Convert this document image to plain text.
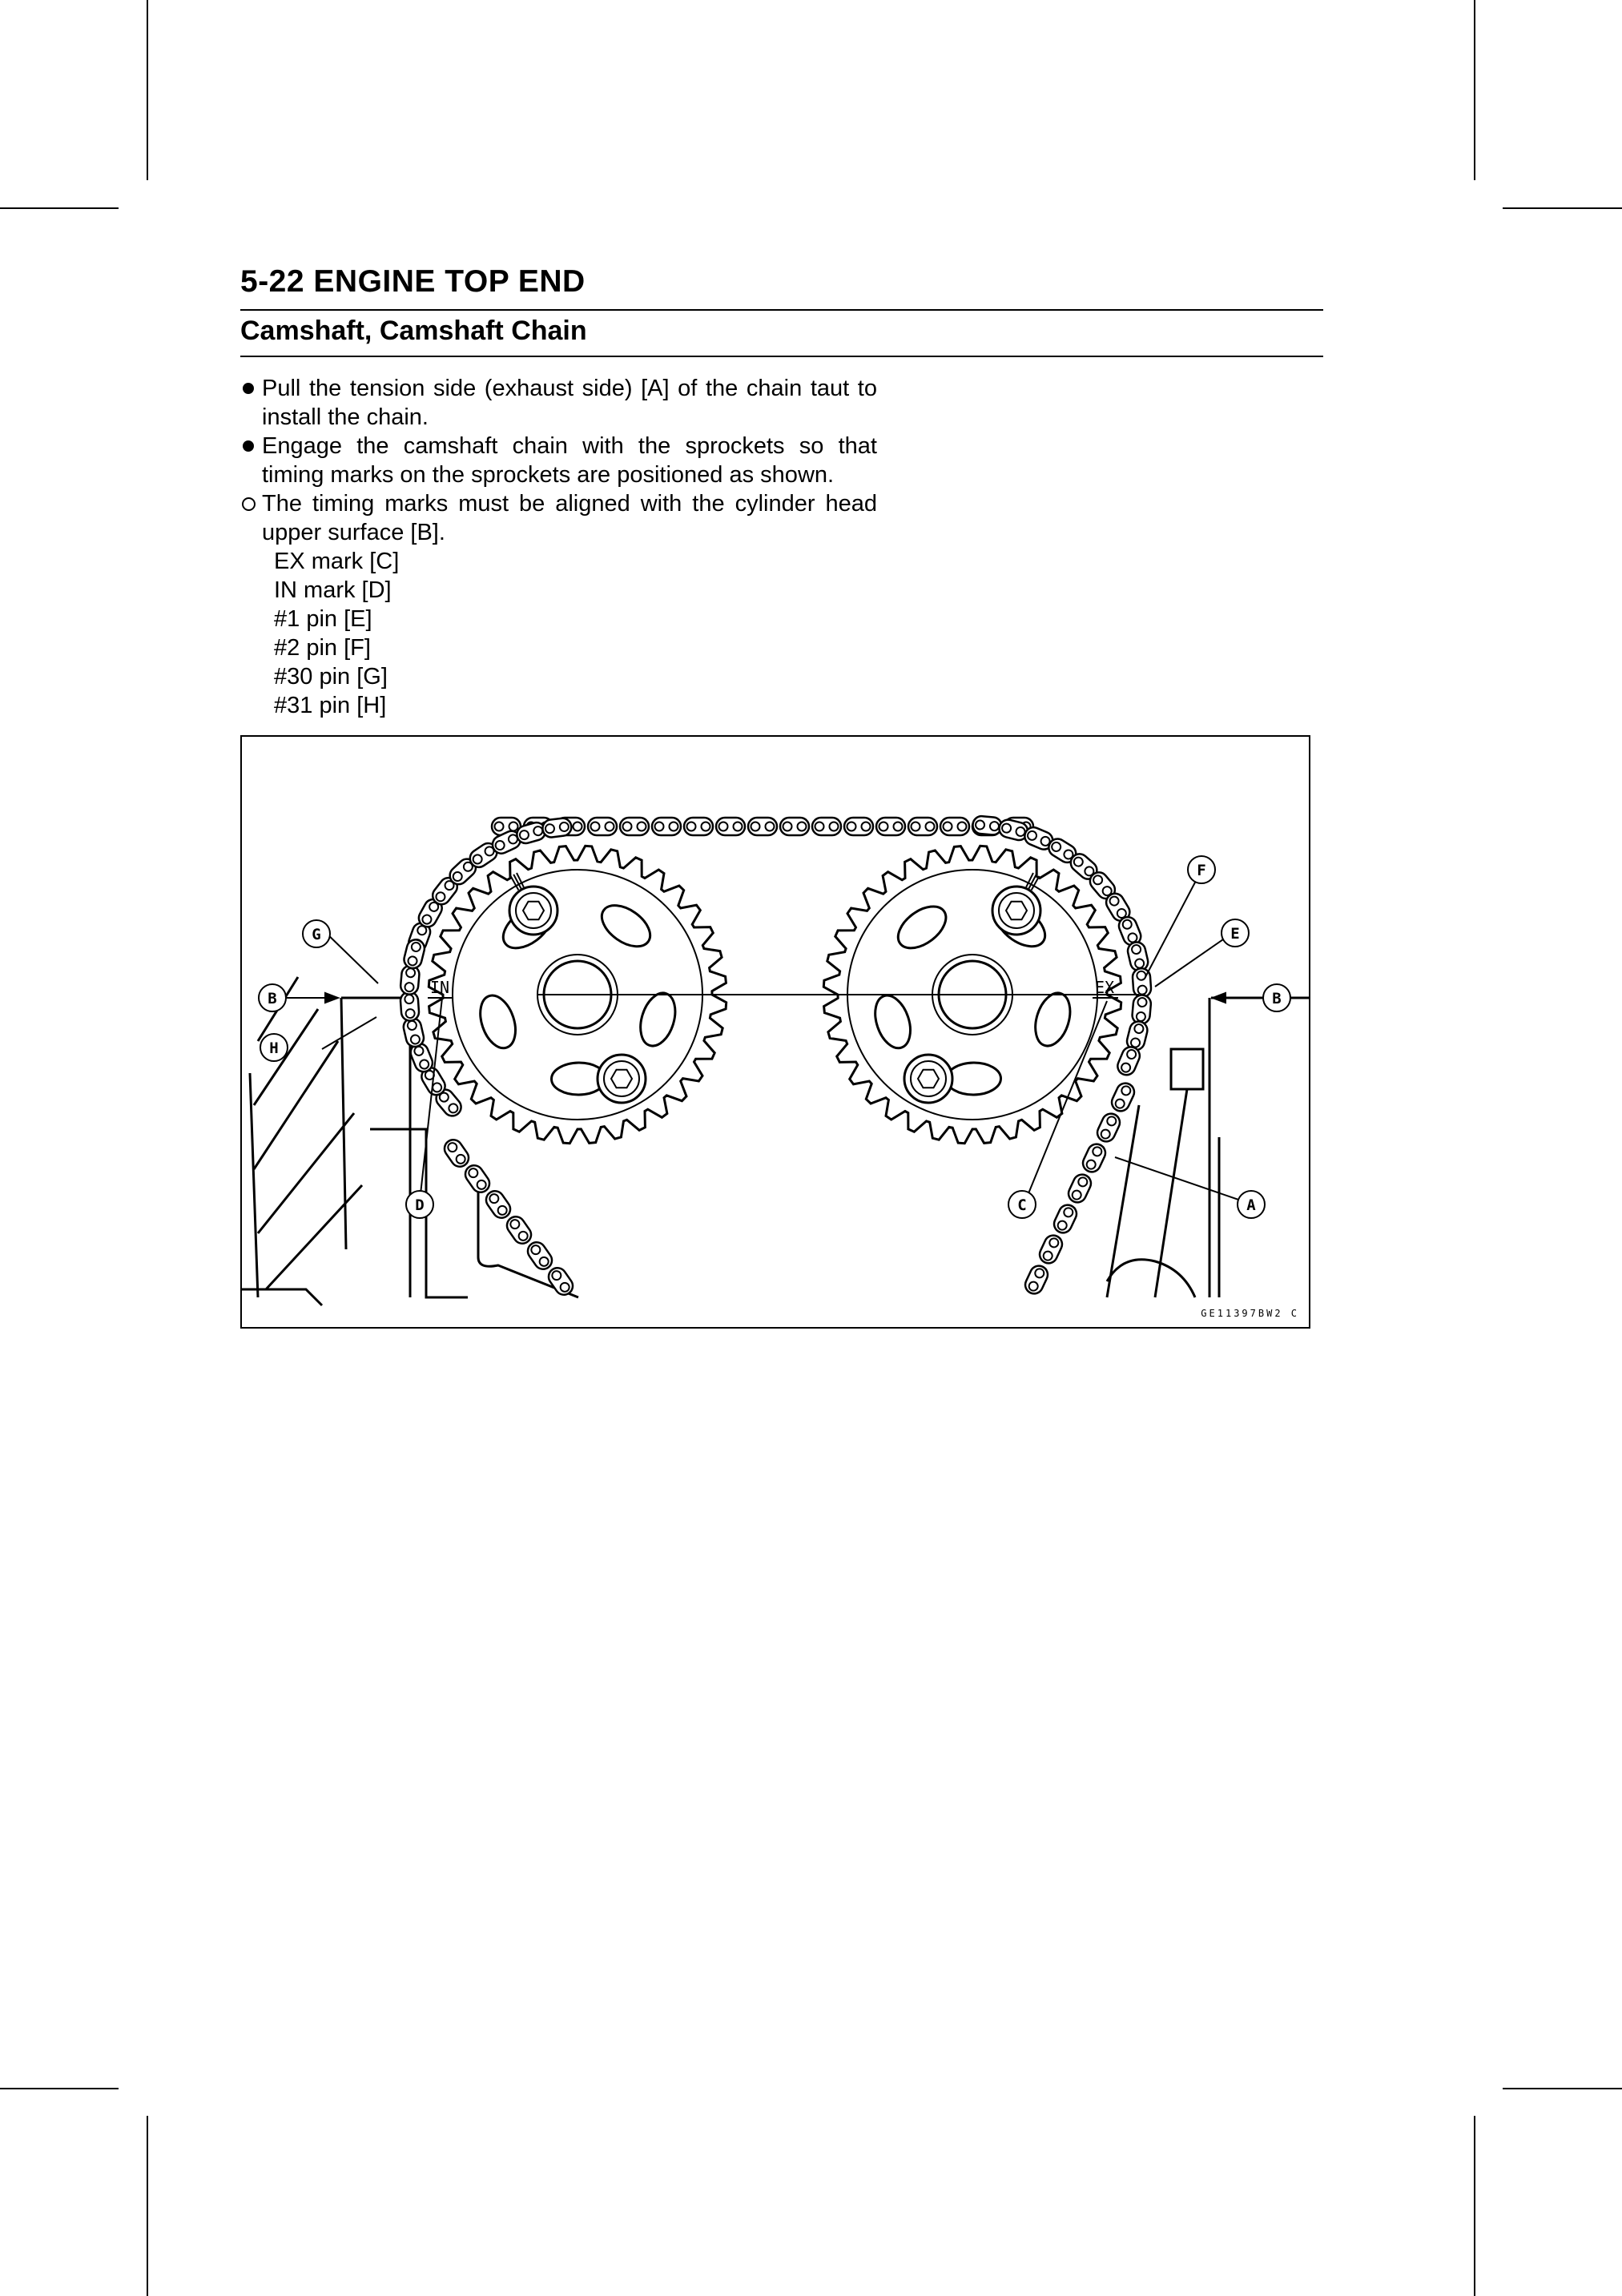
5-22 ENGINE TOP END
Camshaft, Camshaft Chain
Pull the tension side (exhaust side) [A] of the chain taut to install the chain.
Engage the camshaft chain with the sprockets so that timing marks on the sprockets are positioned as shown.
The timing marks must be aligned with the cylinder head upper surface [B].
EX mark [C]
IN mark [D]
#1 pin [E]
#2 pin [F]
#30 pin [G]
#31 pin [H]
IN	EX
A
B	B
C
D
E
F
G
H
GE11397BW2 C
